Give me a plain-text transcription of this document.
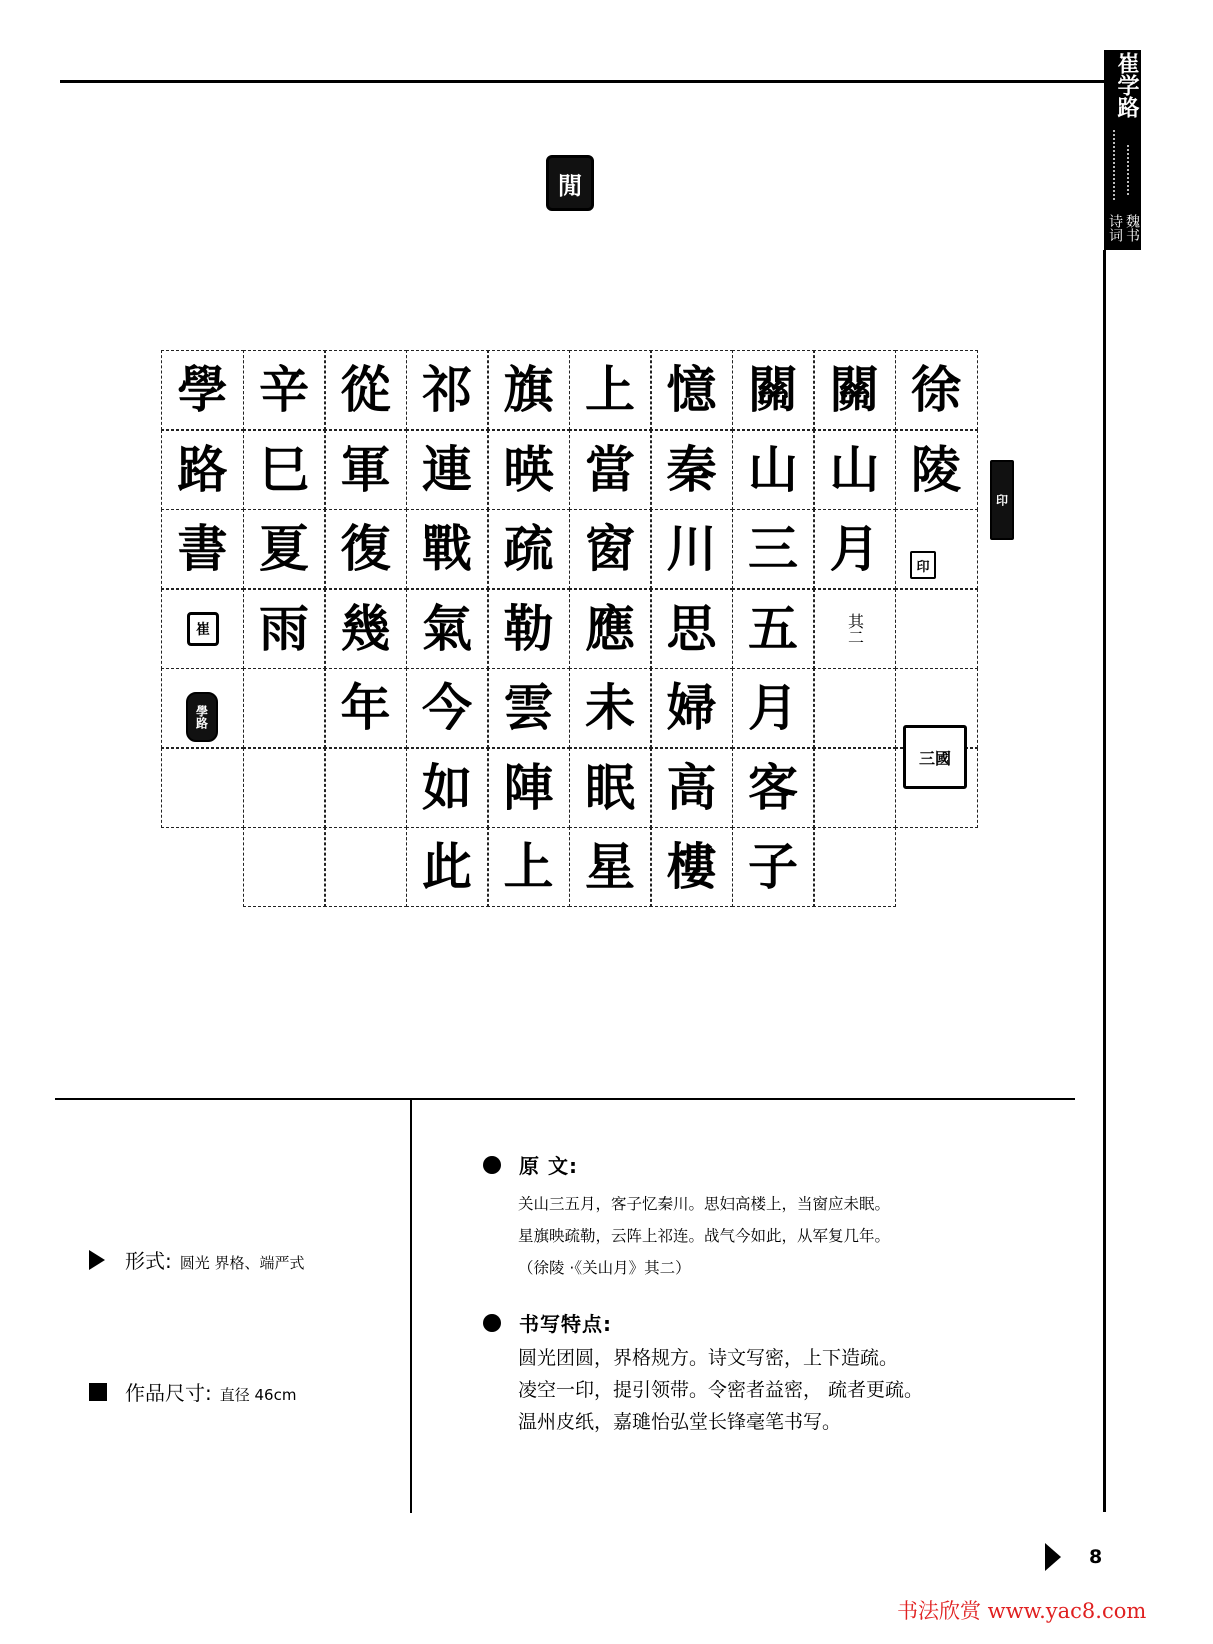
崔学路
诗词 魏书
閒
學
路
書
辛
巳
夏
雨
從
軍
復
幾
年
祁
連
戰
氣
今
如
此
旗
暎
疏
勒
雲
陣
上
上
當
窗
應
未
眠
星
憶
秦
川
思
婦
高
樓
關
山
三
五
月
客
子
關
山
月
其二
徐
陵
印
印
三國
崔
學路
形式 : 圆光 界格、端严式
作品尺寸 : 直径 46cm
原 文 :
关山三五月，客子忆秦川。思妇高楼上，当窗应未眠。
星旗映疏勒，云阵上祁连。战气今如此，从军复几年。
（徐陵 ·《关山月》其二）
书写特点 :
圆光团圆，界格规方。诗文写密，上下造疏。
凌空一印，提引领带。令密者益密， 疏者更疏。
温州皮纸，嘉璡怡弘堂长锋毫笔书写。
8
书法欣赏 www.yac8.com
